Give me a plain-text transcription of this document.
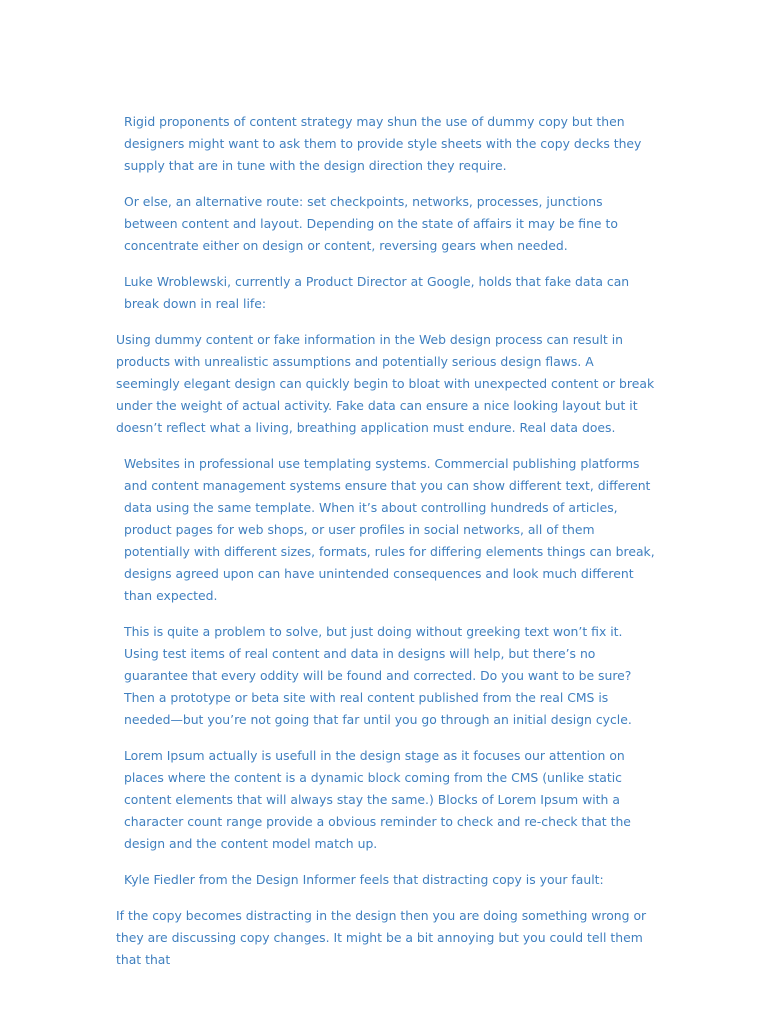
Rigid proponents of content strategy may shun the use of dummy copy but then designers might want to ask them to provide style sheets with the copy decks they supply that are in tune with the design direction they require.

Or else, an alternative route: set checkpoints, networks, processes, junctions between content and layout. Depending on the state of affairs it may be fine to concentrate either on design or content, reversing gears when needed.

Luke Wroblewski, currently a Product Director at Google, holds that fake data can break down in real life:

Using dummy content or fake information in the Web design process can result in products with unrealistic assumptions and potentially serious design flaws. A seemingly elegant design can quickly begin to bloat with unexpected content or break under the weight of actual activity. Fake data can ensure a nice looking layout but it doesn’t reflect what a living, breathing application must endure. Real data does.

Websites in professional use templating systems. Commercial publishing platforms and content management systems ensure that you can show different text, different data using the same template. When it’s about controlling hundreds of articles, product pages for web shops, or user profiles in social networks, all of them potentially with different sizes, formats, rules for differing elements things can break, designs agreed upon can have unintended consequences and look much different than expected.

This is quite a problem to solve, but just doing without greeking text won’t fix it. Using test items of real content and data in designs will help, but there’s no guarantee that every oddity will be found and corrected. Do you want to be sure? Then a prototype or beta site with real content published from the real CMS is needed—but you’re not going that far until you go through an initial design cycle.

Lorem Ipsum actually is usefull in the design stage as it focuses our attention on places where the content is a dynamic block coming from the CMS (unlike static content elements that will always stay the same.) Blocks of Lorem Ipsum with a character count range provide a obvious reminder to check and re-check that the design and the content model match up.

Kyle Fiedler from the Design Informer feels that distracting copy is your fault:

If the copy becomes distracting in the design then you are doing something wrong or they are discussing copy changes. It might be a bit annoying but you could tell them that that
